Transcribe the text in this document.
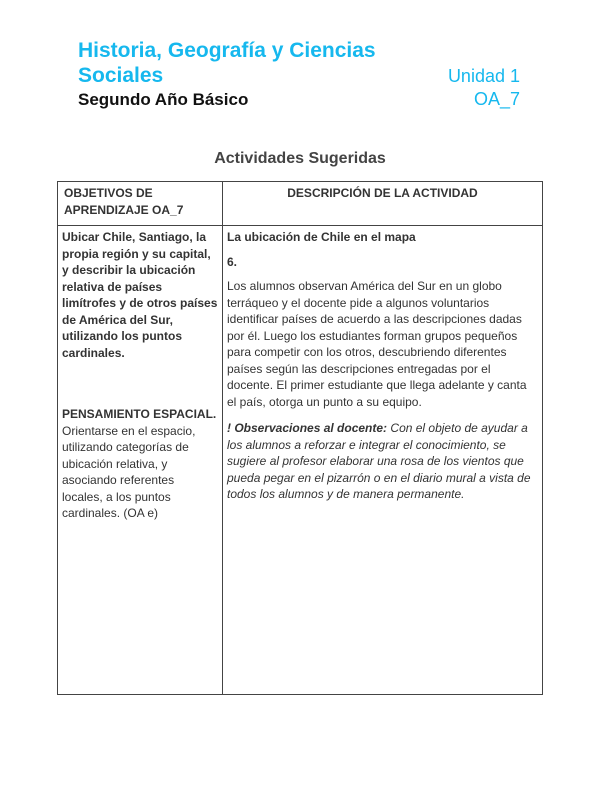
Historia, Geografía y Ciencias
Sociales	Unidad 1
Segundo Año Básico	OA_7
Actividades Sugeridas
OBJETIVOS DE APRENDIZAJE OA_7
DESCRIPCIÓN DE LA ACTIVIDAD
Ubicar Chile, Santiago, la propia región y su capital, y describir la ubicación relativa de países limítrofes y de otros países de América del Sur, utilizando los puntos cardinales.
PENSAMIENTO ESPACIAL. Orientarse en el espacio, utilizando categorías de ubicación relativa, y asociando referentes locales, a los puntos cardinales. (OA e)
La ubicación de Chile en el mapa
6.
Los alumnos observan América del Sur en un globo terráqueo y el docente pide a algunos voluntarios identificar países de acuerdo a las descripciones dadas por él. Luego los estudiantes forman grupos pequeños para competir con los otros, descubriendo diferentes países según las descripciones entregadas por el docente. El primer estudiante que llega adelante y canta el país, otorga un punto a su equipo.
! Observaciones al docente: Con el objeto de ayudar a los alumnos a reforzar e integrar el conocimiento, se sugiere al profesor elaborar una rosa de los vientos que pueda pegar en el pizarrón o en el diario mural a vista de todos los alumnos y de manera permanente.
